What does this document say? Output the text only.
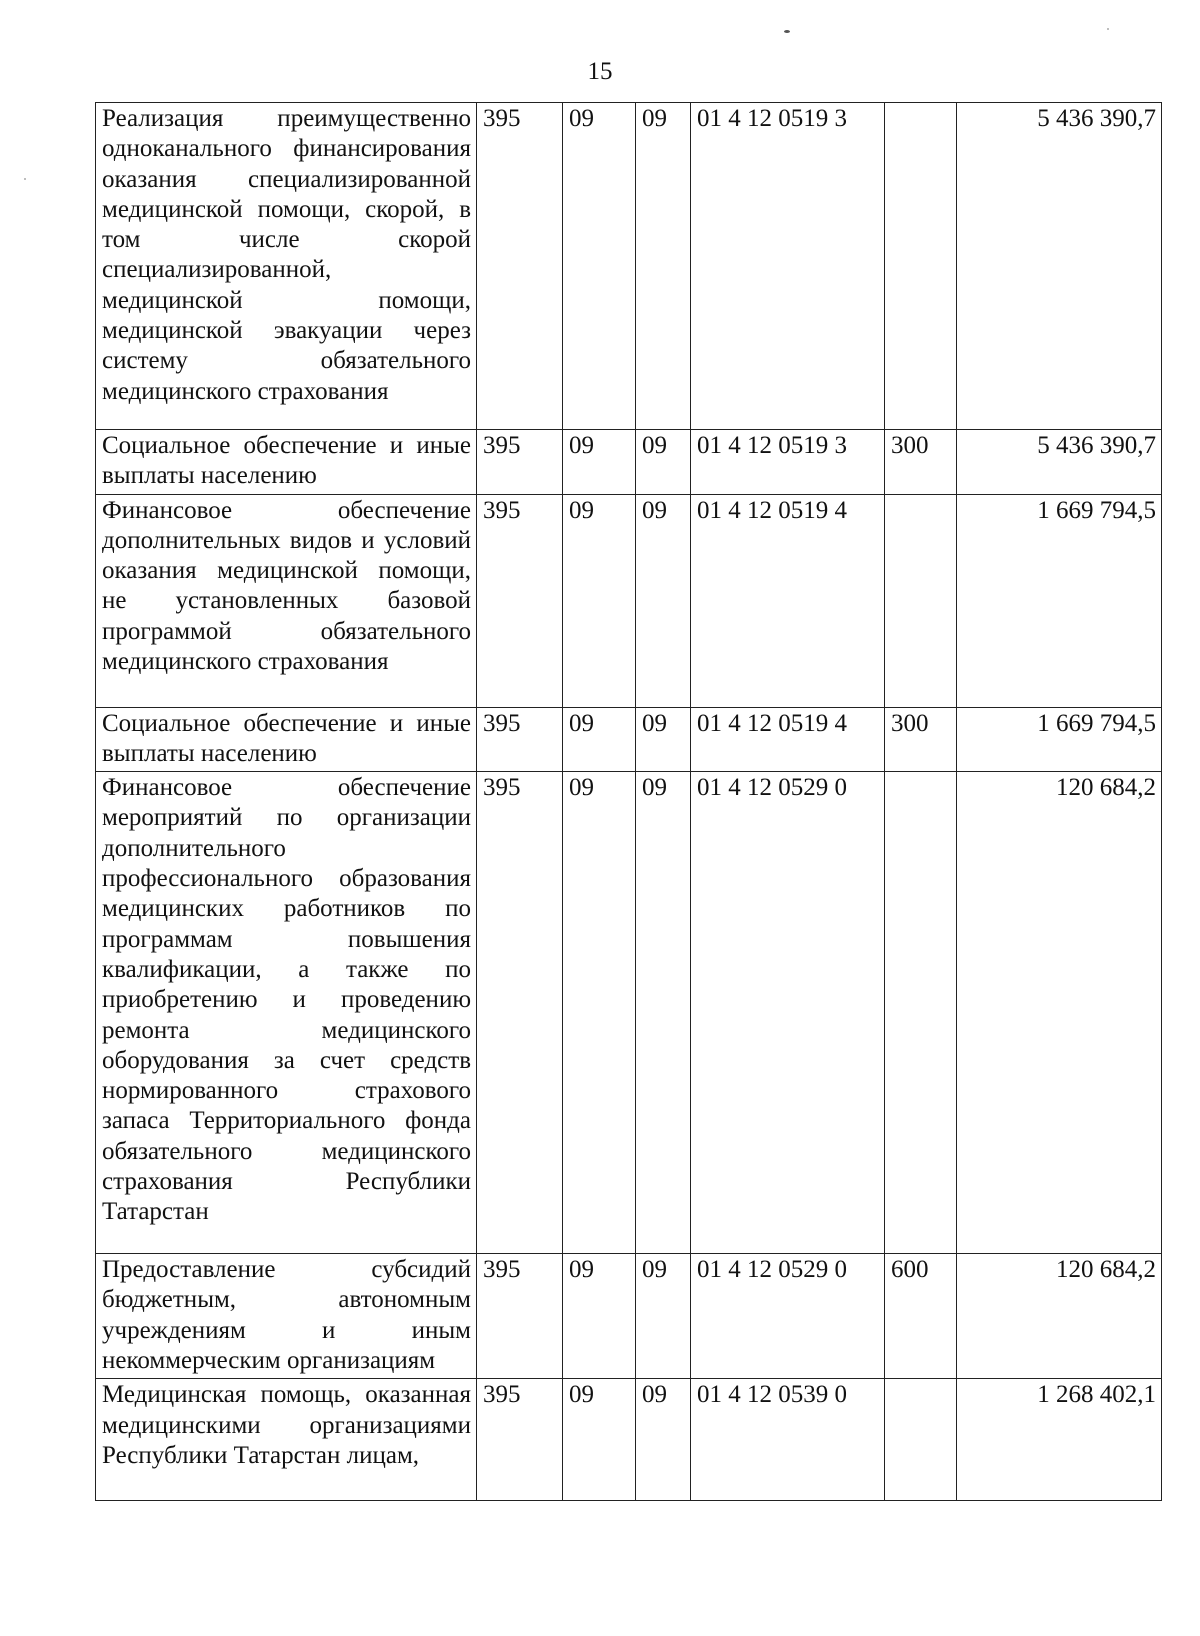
15
Реализация преимущественно одноканального финансирования оказания специализированной медицинской помощи, скорой, в том числе скорой специализированной, медицинской помощи, медицинской эвакуации через систему обязательного медицинского страхования	395	09	09	01 4 12 0519 3		5 436 390,7
Социальное обеспечение и иные выплаты населению	395	09	09	01 4 12 0519 3	300	5 436 390,7
Финансовое обеспечение дополнительных видов и условий оказания медицинской помощи, не установленных базовой программой обязательного медицинского страхования	395	09	09	01 4 12 0519 4		1 669 794,5
Социальное обеспечение и иные выплаты населению	395	09	09	01 4 12 0519 4	300	1 669 794,5
Финансовое обеспечение мероприятий по организации дополнительного профессионального образования медицинских работников по программам повышения квалификации, а также по приобретению и проведению ремонта медицинского оборудования за счет средств нормированного страхового запаса Территориального фонда обязательного медицинского страхования Республики Татарстан	395	09	09	01 4 12 0529 0		120 684,2
Предоставление субсидий бюджетным, автономным учреждениям и иным некоммерческим организациям	395	09	09	01 4 12 0529 0	600	120 684,2
Медицинская помощь, оказанная медицинскими организациями Республики Татарстан лицам,	395	09	09	01 4 12 0539 0		1 268 402,1
